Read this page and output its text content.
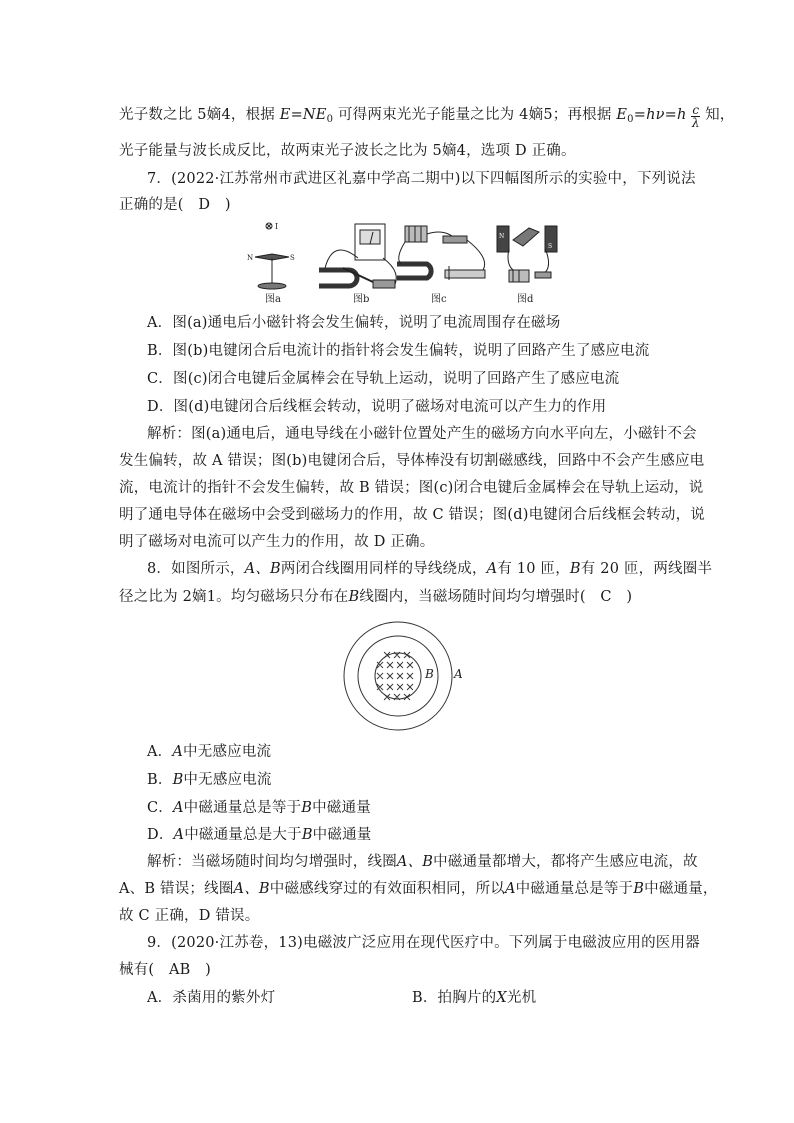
光子数之比 5嫡4，根据 $E=NE_0$ 可得两束光光子能量之比为 4嫡5；再根据 $E_0=h\nu=h \frac{c}{\lambda}$ 知，
光子能量与波长成反比，故两束光子波长之比为 5嫡4，选项 D 正确。
7．(2022·江苏常州市武进区礼嘉中学高二期中)以下四幅图所示的实验中，下列说法
正确的是(　D　)
I
N	S
图a	图b	图c
N
S
图d
A．图(a)通电后小磁针将会发生偏转，说明了电流周围存在磁场
B．图(b)电键闭合后电流计的指针将会发生偏转，说明了回路产生了感应电流
C．图(c)闭合电键后金属棒会在导轨上运动，说明了回路产生了感应电流
D．图(d)电键闭合后线框会转动，说明了磁场对电流可以产生力的作用
解析：图(a)通电后，通电导线在小磁针位置处产生的磁场方向水平向左，小磁针不会
发生偏转，故 A 错误；图(b)电键闭合后，导体棒没有切割磁感线，回路中不会产生感应电
流，电流计的指针不会发生偏转，故 B 错误；图(c)闭合电键后金属棒会在导轨上运动，说
明了通电导体在磁场中会受到磁场力的作用，故 C 错误；图(d)电键闭合后线框会转动，说
明了磁场对电流可以产生力的作用，故 D 正确。
8．如图所示，A、B两闭合线圈用同样的导线绕成，A有 10 匝，B有 20 匝，两线圈半
径之比为 2嫡1。均匀磁场只分布在B线圈内，当磁场随时间均匀增强时(　C　)
B A
A．A中无感应电流
B．B中无感应电流
C．A中磁通量总是等于B中磁通量
D．A中磁通量总是大于B中磁通量
解析：当磁场随时间均匀增强时，线圈A、B中磁通量都增大，都将产生感应电流，故
A、B 错误；线圈A、B中磁感线穿过的有效面积相同，所以A中磁通量总是等于B中磁通量，
故 C 正确，D 错误。
9．(2020·江苏卷，13)电磁波广泛应用在现代医疗中。下列属于电磁波应用的医用器
械有(　AB　)
A．杀菌用的紫外灯	B．拍胸片的X光机
